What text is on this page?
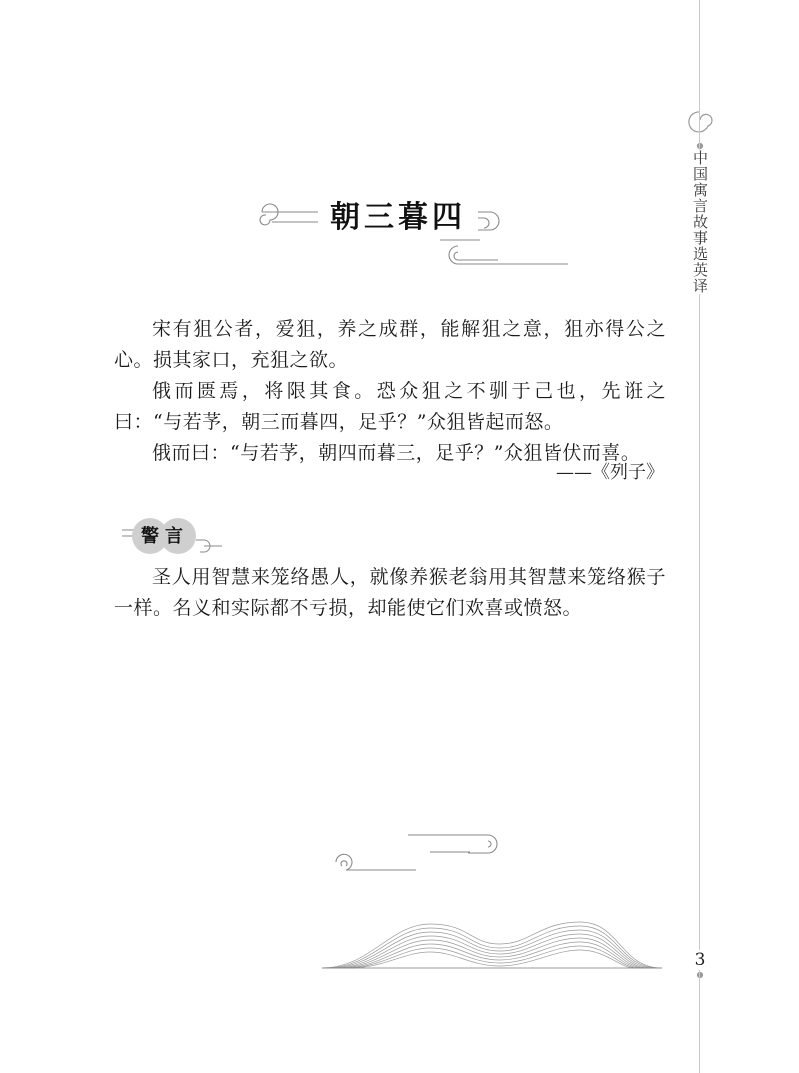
中国寓言故事选英译
3
朝三暮四

宋有狙公者，爱狙，养之成群，能解狙之意，狙亦得公之心。损其家口，充狙之欲。

俄而匮焉，将限其食。恐众狙之不驯于己也，先诳之曰：“与若芧，朝三而暮四，足乎？”众狙皆起而怒。

俄而曰：“与若芧，朝四而暮三，足乎？”众狙皆伏而喜。

——《列子》
警言

圣人用智慧来笼络愚人，就像养猴老翁用其智慧来笼络猴子一样。名义和实际都不亏损，却能使它们欢喜或愤怒。
